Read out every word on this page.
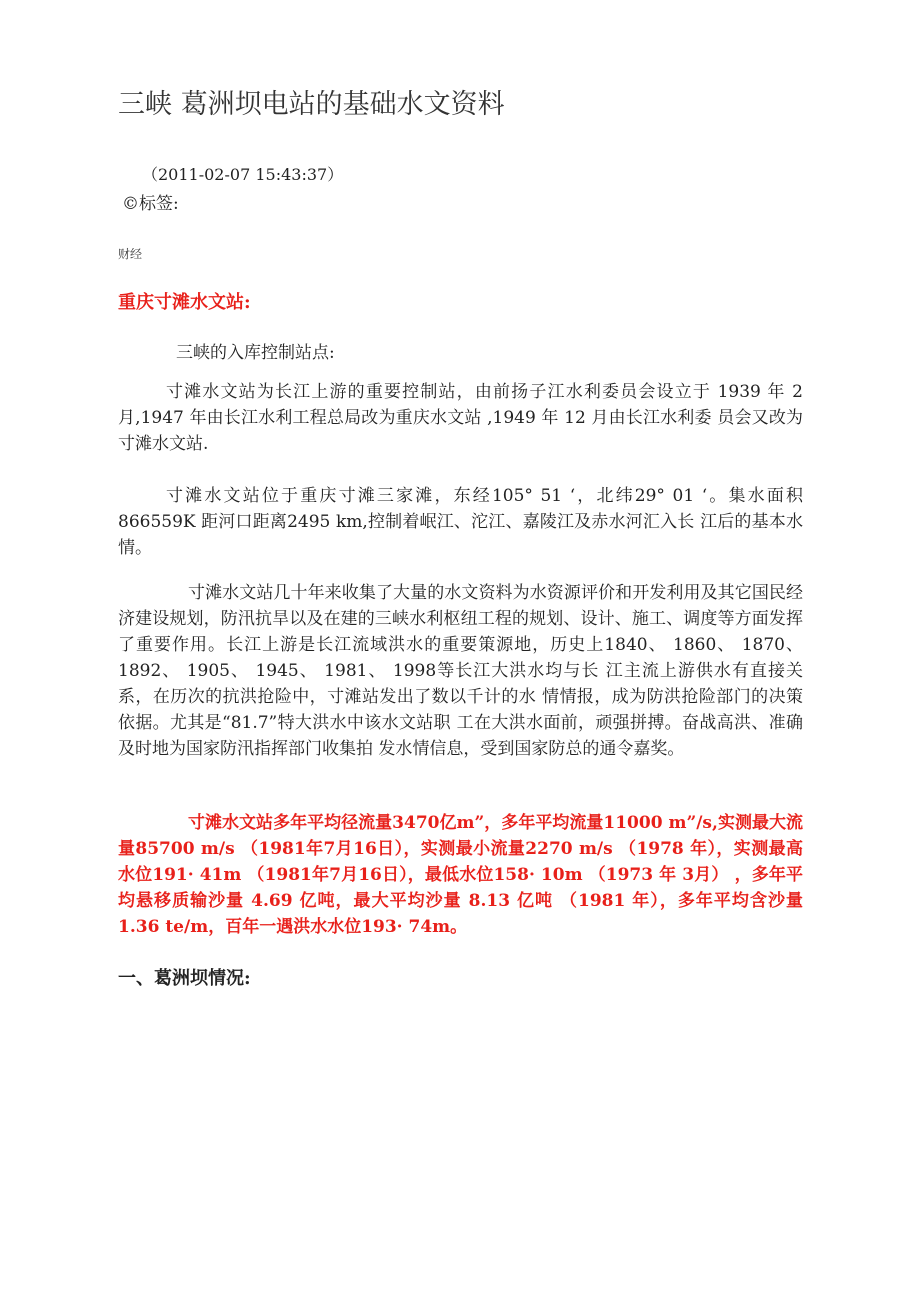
三峡 葛洲坝电站的基础水文资料
（2011-02-07 15:43:37）
©标签:
财经
重庆寸滩水文站:
三峡的入库控制站点:

寸滩水文站为长江上游的重要控制站，由前扬子江水利委员会设立于 1939 年 2 月,1947 年由长江水利工程总局改为重庆水文站 ,1949 年 12 月由长江水利委 员会又改为寸滩水文站.

寸滩水文站位于重庆寸滩三家滩，东经105° 51 ‘，北纬29° 01 ‘。集水面积866559K 距河口距离2495 km,控制着岷江、沱江、嘉陵江及赤水河汇入长 江后的基本水情。

寸滩水文站几十年来收集了大量的水文资料为水资源评价和开发利用及其它国民经济建设规划，防汛抗旱以及在建的三峡水利枢纽工程的规划、设计、施工、调度等方面发挥了重要作用。长江上游是长江流域洪水的重要策源地，历史上1840、 1860、 1870、 1892、 1905、 1945、 1981、 1998等长江大洪水均与长 江主流上游供水有直接关系，在历次的抗洪抢险中，寸滩站发出了数以千计的水 情情报，成为防洪抢险部门的决策依据。尤其是“81.7”特大洪水中该水文站职 工在大洪水面前，顽强拼搏。奋战高洪、准确及时地为国家防汛指挥部门收集拍 发水情信息，受到国家防总的通令嘉奖。

寸滩水文站多年平均径流量3470亿m”，多年平均流量11000 m”/s,实测最大流量85700 m/s （1981年7月16日），实测最小流量2270 m/s （1978 年），实测最高水位191· 41m （1981年7月16日），最低水位158· 10m （1973 年 3月） ，多年平均悬移质输沙量 4.69 亿吨，最大平均沙量 8.13 亿吨 （1981 年），多年平均含沙量1.36 te/m，百年一遇洪水水位193· 74m。

一、葛洲坝情况:
